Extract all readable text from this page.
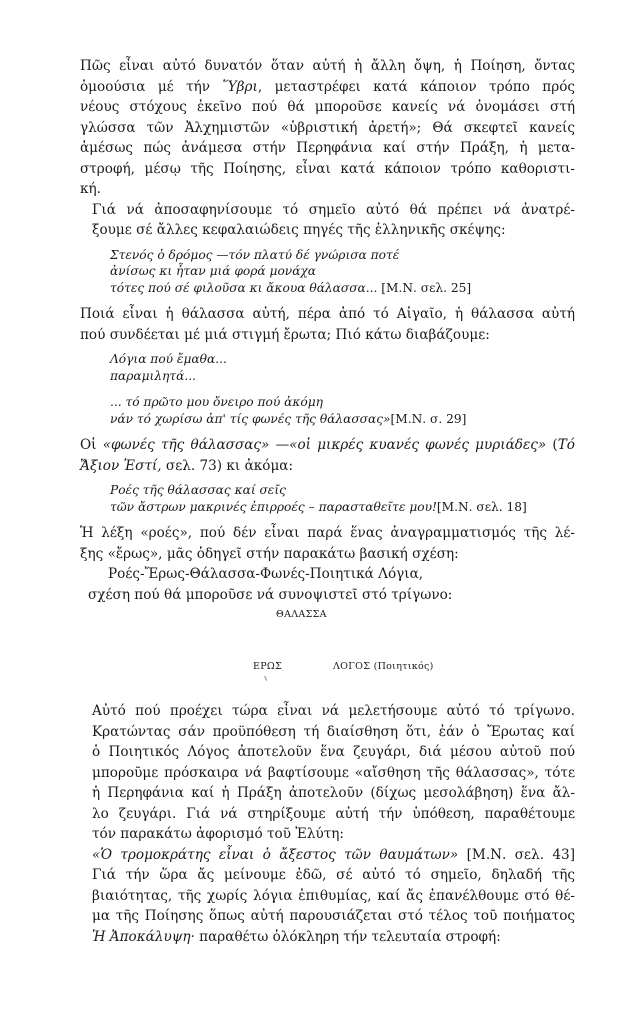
Πῶς εἶναι αὐτό δυνατόν ὅταν αὐτή ἡ ἄλλη ὄψη, ἡ Ποίηση, ὄντας
ὁμοούσια μέ τήν Ὕβρι, μεταστρέφει κατά κάποιον τρόπο πρός
νέους στόχους ἐκεῖνο πού θά μποροῦσε κανείς νά ὀνομάσει στή
γλώσσα τῶν Ἀλχημιστῶν «ὑβριστική ἀρετή»; Θά σκεφτεῖ κανείς
ἀμέσως πώς ἀνάμεσα στήν Περηφάνια καί στήν Πράξη, ἡ μετα-
στροφή, μέσῳ τῆς Ποίησης, εἶναι κατά κάποιον τρόπο καθοριστι-
κή.

Γιά νά ἀποσαφηνίσουμε τό σημεῖο αὐτό θά πρέπει νά ἀνατρέ-
ξουμε σέ ἄλλες κεφαλαιώδεις πηγές τῆς ἑλληνικῆς σκέψης:

Στενός ὁ δρόμος —τόν πλατύ δέ γνώρισα ποτέ
ἀνίσως κι ἦταν μιά φορά μονάχα
τότες πού σέ φιλοῦσα κι ἄκουα θάλασσα... [Μ.Ν. σελ. 25]

Ποιά εἶναι ἡ θάλασσα αὐτή, πέρα ἀπό τό Αἰγαῖο, ἡ θάλασσα αὐτή
πού συνδέεται μέ μιά στιγμή ἔρωτα; Πιό κάτω διαβάζουμε:

Λόγια πού ἔμαθα...
παραμιλητά...
... τό πρῶτο μου ὄνειρο πού ἀκόμη
νάν τό χωρίσω ἀπ' τίς φωνές τῆς θάλασσας»[Μ.Ν. σ. 29]

Οἱ «φωνές τῆς θάλασσας» —«οἱ μικρές κυανές φωνές μυριάδες» (Τό
Ἄξιον Ἐστί, σελ. 73) κι ἀκόμα:

Ροές τῆς θάλασσας καί σεῖς
τῶν ἄστρων μακρινές ἐπιρροές – παρασταθεῖτε μου![Μ.Ν. σελ. 18]

Ἡ λέξη «ροές», πού δέν εἶναι παρά ἕνας ἀναγραμματισμός τῆς λέ-
ξης «ἔρως», μᾶς ὁδηγεῖ στήν παρακάτω βασική σχέση:

Ροές-Ἔρως-Θάλασσα-Φωνές-Ποιητικά Λόγια,
σχέση πού θά μποροῦσε νά συνοψιστεῖ στό τρίγωνο:
ΘΑΛΑΣΣΑ
ΕΡΩΣ	ΛΟΓΟΣ (Ποιητικός)

Αὐτό πού προέχει τώρα εἶναι νά μελετήσουμε αὐτό τό τρίγωνο.
Κρατώντας σάν προϋπόθεση τή διαίσθηση ὅτι, ἐάν ὁ Ἔρωτας καί
ὁ Ποιητικός Λόγος ἀποτελοῦν ἕνα ζευγάρι, διά μέσου αὐτοῦ πού
μποροῦμε πρόσκαιρα νά βαφτίσουμε «αἴσθηση τῆς θάλασσας», τότε
ἡ Περηφάνια καί ἡ Πράξη ἀποτελοῦν (δίχως μεσολάβηση) ἕνα ἄλ-
λο ζευγάρι. Γιά νά στηρίξουμε αὐτή τήν ὑπόθεση, παραθέτουμε
τόν παρακάτω ἀφορισμό τοῦ Ἐλύτη:

«Ὁ τρομοκράτης εἶναι ὁ ἄξεστος τῶν θαυμάτων» [Μ.Ν. σελ. 43]

Γιά τήν ὥρα ἄς μείνουμε ἐδῶ, σέ αὐτό τό σημεῖο, δηλαδή τῆς
βιαιότητας, τῆς χωρίς λόγια ἐπιθυμίας, καί ἄς ἐπανέλθουμε στό θέ-
μα τῆς Ποίησης ὅπως αὐτή παρουσιάζεται στό τέλος τοῦ ποιήματος
Ἡ Ἀποκάλυψη· παραθέτω ὁλόκληρη τήν τελευταία στροφή:
